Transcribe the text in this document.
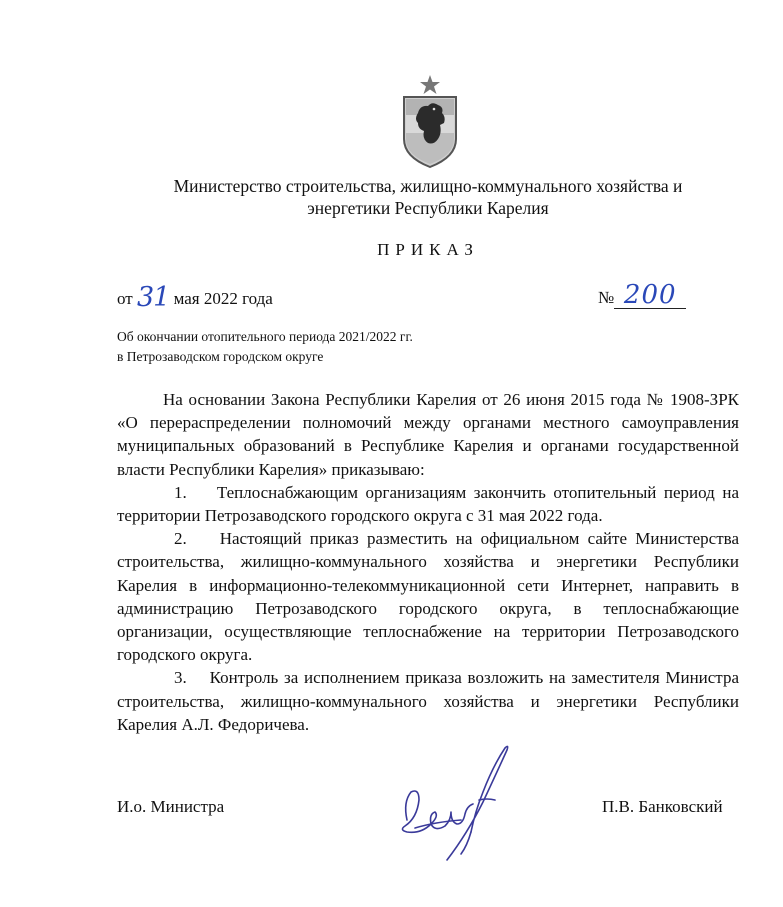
Министерство строительства, жилищно-коммунального хозяйства и
энергетики Республики Карелия
ПРИКАЗ
от 31 мая 2022 года	№ 200
Об окончании отопительного периода 2021/2022 гг.
в Петрозаводском городском округе

На основании Закона Республики Карелия от 26 июня 2015 года № 1908-ЗРК «О перераспределении полномочий между органами местного самоуправления муниципальных образований в Республике Карелия и органами государственной власти Республики Карелия» приказываю:

1.    Теплоснабжающим организациям закончить отопительный период на территории Петрозаводского городского округа с 31 мая 2022 года.

2.    Настоящий приказ разместить на официальном сайте Министерства строительства, жилищно-коммунального хозяйства и энергетики Республики Карелия в информационно-телекоммуникационной сети Интернет, направить в администрацию Петрозаводского городского округа, в теплоснабжающие организации, осуществляющие теплоснабжение на территории Петрозаводского городского округа.

3.    Контроль за исполнением приказа возложить на заместителя Министра строительства, жилищно-коммунального хозяйства и энергетики Республики Карелия А.Л. Федоричева.

И.о. Министра	П.В. Банковский
